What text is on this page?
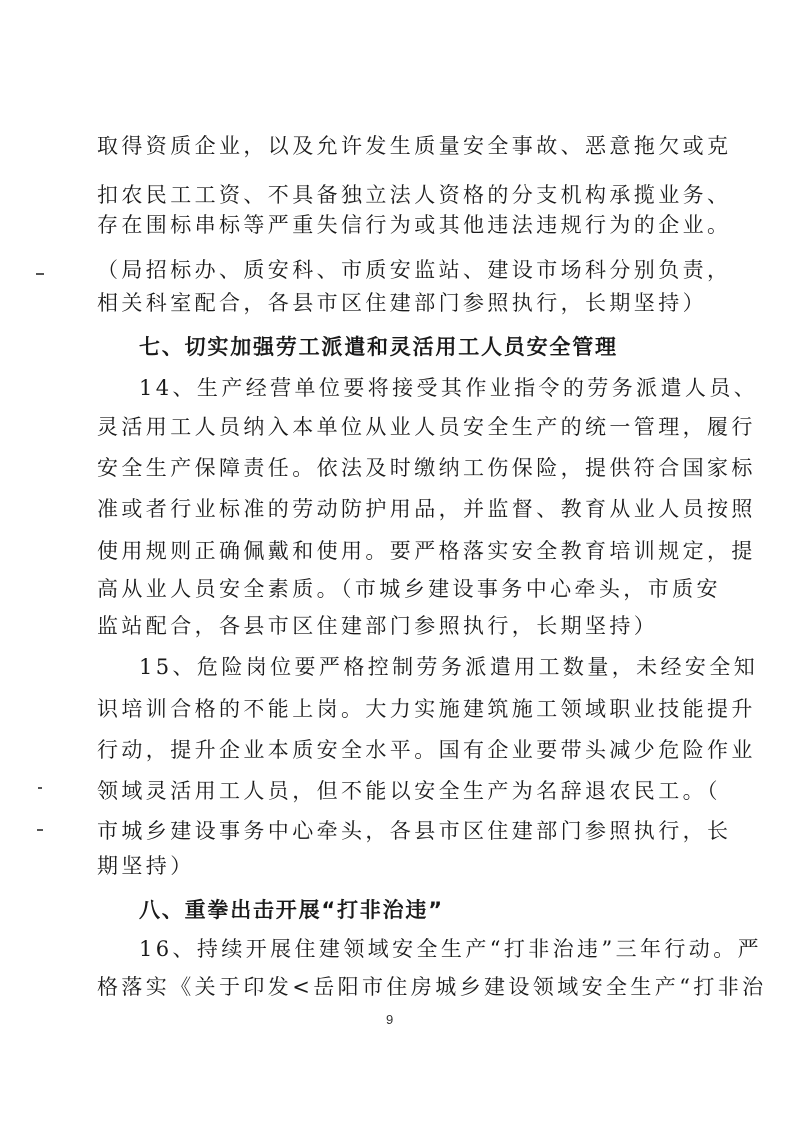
取得资质企业，以及允许发生质量安全事故、恶意拖欠或克
扣农民工工资、不具备独立法人资格的分支机构承揽业务、
存在围标串标等严重失信行为或其他违法违规行为的企业。
（局招标办、质安科、市质安监站、建设市场科分别负责，
相关科室配合，各县市区住建部门参照执行，长期坚持）
七、切实加强劳工派遣和灵活用工人员安全管理
14、生产经营单位要将接受其作业指令的劳务派遣人员、
灵活用工人员纳入本单位从业人员安全生产的统一管理，履行
安全生产保障责任。依法及时缴纳工伤保险，提供符合国家标
准或者行业标准的劳动防护用品，并监督、教育从业人员按照
使用规则正确佩戴和使用。要严格落实安全教育培训规定，提
高从业人员安全素质。（市城乡建设事务中心牵头，市质安
监站配合，各县市区住建部门参照执行，长期坚持）
15、危险岗位要严格控制劳务派遣用工数量，未经安全知
识培训合格的不能上岗。大力实施建筑施工领域职业技能提升
行动，提升企业本质安全水平。国有企业要带头减少危险作业
领域灵活用工人员，但不能以安全生产为名辞退农民工。（
市城乡建设事务中心牵头，各县市区住建部门参照执行，长
期坚持）
八、重拳出击开展“打非治违”
16、持续开展住建领域安全生产“打非治违”三年行动。严
格落实《关于印发<岳阳市住房城乡建设领域安全生产“打非治
9
